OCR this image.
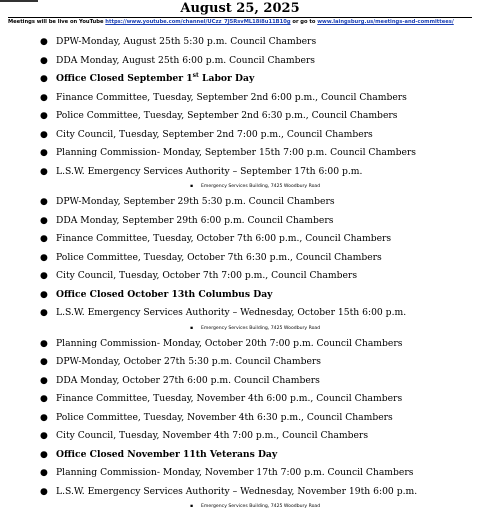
August 25, 2025
Meetings will be live on YouTube https://www.youtube.com/channel/UCzz_7J5RsvML18i8u11B10g or go to www.laingsburg.us/meetings-and-committees/
● DPW-Monday, August 25th 5:30 p.m. Council Chambers
● DDA Monday, August 25th 6:00 p.m. Council Chambers
● Office Closed September 1st Labor Day
● Finance Committee, Tuesday, September 2nd 6:00 p.m., Council Chambers
● Police Committee, Tuesday, September 2nd 6:30 p.m., Council Chambers
● City Council, Tuesday, September 2nd 7:00 p.m., Council Chambers
● Planning Commission- Monday, September 15th 7:00 p.m. Council Chambers
● L.S.W. Emergency Services Authority – September 17th 6:00 p.m.
▪ Emergency Services Building, 7425 Woodbury Road
● DPW-Monday, September 29th 5:30 p.m. Council Chambers
● DDA Monday, September 29th 6:00 p.m. Council Chambers
● Finance Committee, Tuesday, October 7th 6:00 p.m., Council Chambers
● Police Committee, Tuesday, October 7th 6:30 p.m., Council Chambers
● City Council, Tuesday, October 7th 7:00 p.m., Council Chambers
● Office Closed October 13th Columbus Day
● L.S.W. Emergency Services Authority – Wednesday, October 15th 6:00 p.m.
▪ Emergency Services Building, 7425 Woodbury Road
● Planning Commission- Monday, October 20th 7:00 p.m. Council Chambers
● DPW-Monday, October 27th 5:30 p.m. Council Chambers
● DDA Monday, October 27th 6:00 p.m. Council Chambers
● Finance Committee, Tuesday, November 4th 6:00 p.m., Council Chambers
● Police Committee, Tuesday, November 4th 6:30 p.m., Council Chambers
● City Council, Tuesday, November 4th 7:00 p.m., Council Chambers
● Office Closed November 11th Veterans Day
● Planning Commission- Monday, November 17th 7:00 p.m. Council Chambers
● L.S.W. Emergency Services Authority – Wednesday, November 19th 6:00 p.m.
▪ Emergency Services Building, 7425 Woodbury Road
